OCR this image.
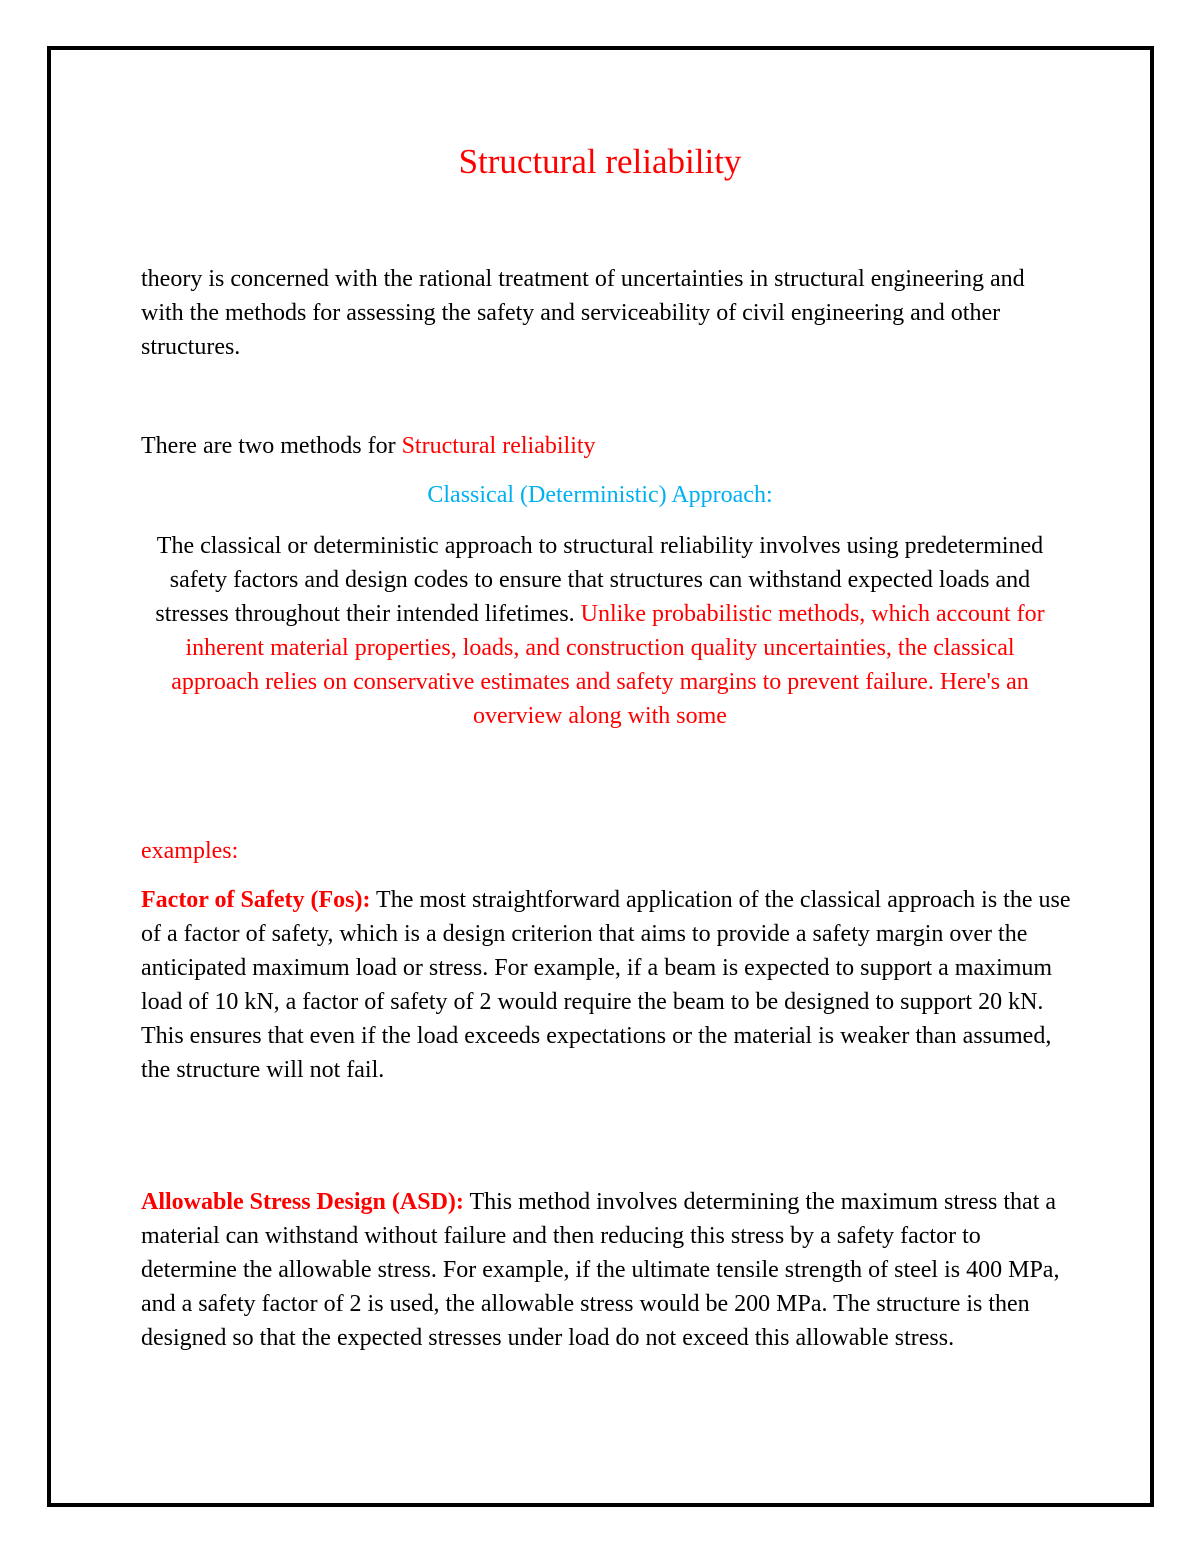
Structural reliability

theory is concerned with the rational treatment of uncertainties in structural engineering and with the methods for assessing the safety and serviceability of civil engineering and other structures.

There are two methods for Structural reliability

Classical (Deterministic) Approach:

The classical or deterministic approach to structural reliability involves using predetermined safety factors and design codes to ensure that structures can withstand expected loads and stresses throughout their intended lifetimes. Unlike probabilistic methods, which account for inherent material properties, loads, and construction quality uncertainties, the classical approach relies on conservative estimates and safety margins to prevent failure. Here's an overview along with some

examples:

Factor of Safety (Fos): The most straightforward application of the classical approach is the use of a factor of safety, which is a design criterion that aims to provide a safety margin over the anticipated maximum load or stress. For example, if a beam is expected to support a maximum load of 10 kN, a factor of safety of 2 would require the beam to be designed to support 20 kN. This ensures that even if the load exceeds expectations or the material is weaker than assumed, the structure will not fail.

Allowable Stress Design (ASD): This method involves determining the maximum stress that a material can withstand without failure and then reducing this stress by a safety factor to determine the allowable stress. For example, if the ultimate tensile strength of steel is 400 MPa, and a safety factor of 2 is used, the allowable stress would be 200 MPa. The structure is then designed so that the expected stresses under load do not exceed this allowable stress.
